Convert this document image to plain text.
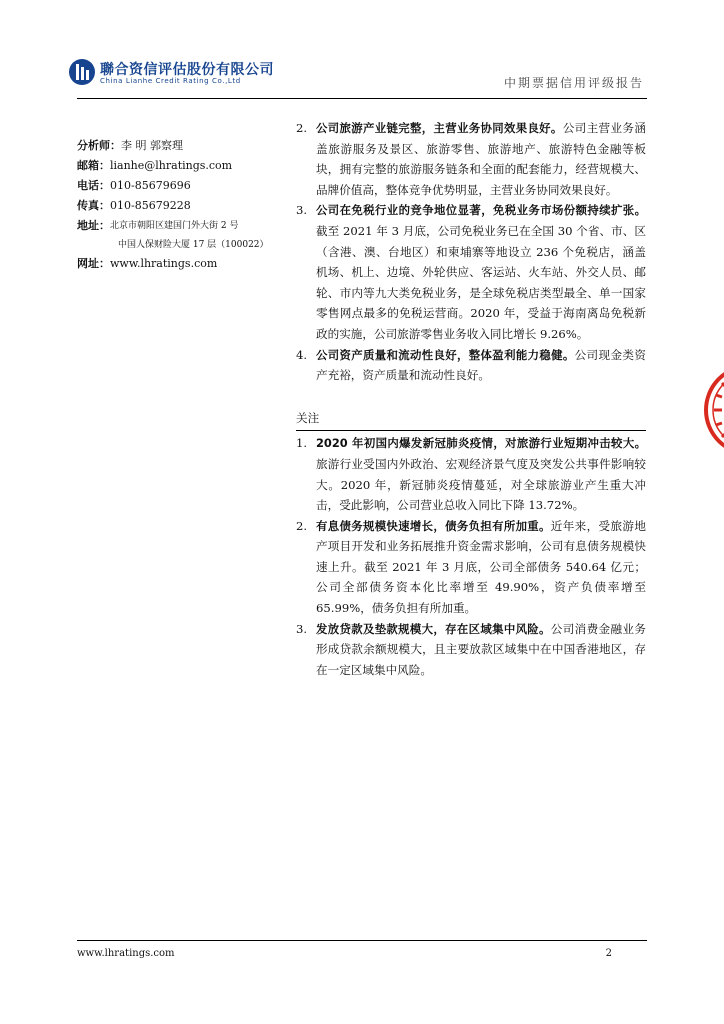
聯合资信评估股份有限公司
China Lianhe Credit Rating Co.,Ltd	中期票据信用评级报告
分析师： 李 明 郭察理
邮箱： lianhe@lhratings.com
电话： 010-85679696
传真： 010-85679228
地址： 北京市朝阳区建国门外大街 2 号
中国人保财险大厦 17 层（100022）
网址： www.lhratings.com
2. 公司旅游产业链完整，主营业务协同效果良好。公司主营业务涵盖旅游服务及景区、旅游零售、旅游地产、旅游特色金融等板块，拥有完整的旅游服务链条和全面的配套能力，经营规模大、品牌价值高，整体竞争优势明显，主营业务协同效果良好。
3. 公司在免税行业的竞争地位显著，免税业务市场份额持续扩张。截至 2021 年 3 月底，公司免税业务已在全国 30 个省、市、区（含港、澳、台地区）和柬埔寨等地设立 236 个免税店，涵盖机场、机上、边境、外轮供应、客运站、火车站、外交人员、邮轮、市内等九大类免税业务，是全球免税店类型最全、单一国家零售网点最多的免税运营商。2020 年，受益于海南离岛免税新政的实施，公司旅游零售业务收入同比增长 9.26%。
4. 公司资产质量和流动性良好，整体盈利能力稳健。公司现金类资产充裕，资产质量和流动性良好。
关注
1. 2020 年初国内爆发新冠肺炎疫情，对旅游行业短期冲击较大。旅游行业受国内外政治、宏观经济景气度及突发公共事件影响较大。2020 年，新冠肺炎疫情蔓延，对全球旅游业产生重大冲击，受此影响，公司营业总收入同比下降 13.72%。
2. 有息债务规模快速增长，债务负担有所加重。近年来，受旅游地产项目开发和业务拓展推升资金需求影响，公司有息债务规模快速上升。截至 2021 年 3 月底，公司全部债务 540.64 亿元；公司全部债务资本化比率增至 49.90%，资产负债率增至 65.99%，债务负担有所加重。
3. 发放贷款及垫款规模大，存在区域集中风险。公司消费金融业务形成贷款余额规模大，且主要放款区域集中在中国香港地区，存在一定区域集中风险。
www.lhratings.com	2
